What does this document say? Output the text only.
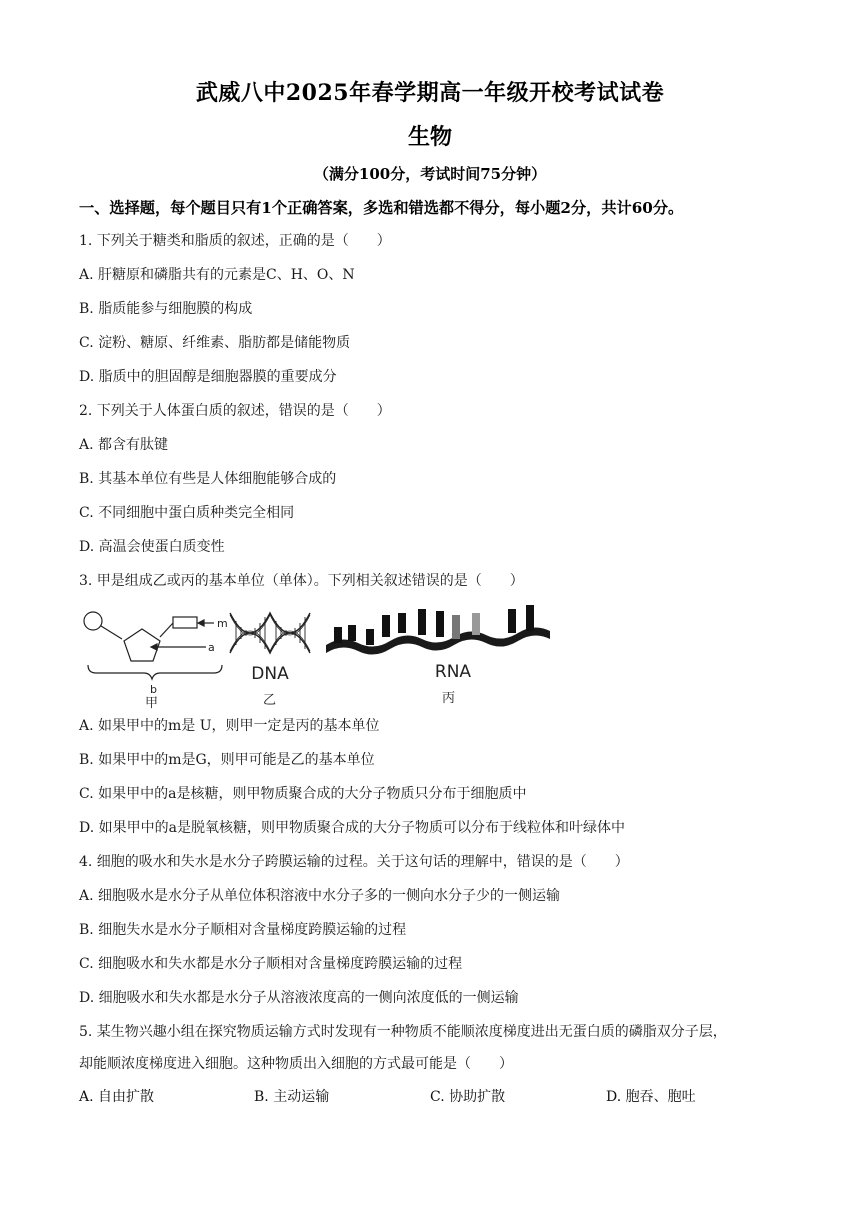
武威八中2025年春学期高一年级开校考试试卷
生物
（满分100分，考试时间75分钟）
一、选择题，每个题目只有1个正确答案，多选和错选都不得分，每小题2分，共计60分。
1. 下列关于糖类和脂质的叙述，正确的是（　　）
A. 肝糖原和磷脂共有的元素是C、H、O、N
B. 脂质能参与细胞膜的构成
C. 淀粉、糖原、纤维素、脂肪都是储能物质
D. 脂质中的胆固醇是细胞器膜的重要成分
2. 下列关于人体蛋白质的叙述，错误的是（　　）
A. 都含有肽键
B. 其基本单位有些是人体细胞能够合成的
C. 不同细胞中蛋白质种类完全相同
D. 高温会使蛋白质变性
3. 甲是组成乙或丙的基本单位（单体）。下列相关叙述错误的是（　　）
m
a
b
甲
DNA
乙
RNA
丙
A. 如果甲中的m是 U，则甲一定是丙的基本单位
B. 如果甲中的m是G，则甲可能是乙的基本单位
C. 如果甲中的a是核糖，则甲物质聚合成的大分子物质只分布于细胞质中
D. 如果甲中的a是脱氧核糖，则甲物质聚合成的大分子物质可以分布于线粒体和叶绿体中
4. 细胞的吸水和失水是水分子跨膜运输的过程。关于这句话的理解中，错误的是（　　）
A. 细胞吸水是水分子从单位体积溶液中水分子多的一侧向水分子少的一侧运输
B. 细胞失水是水分子顺相对含量梯度跨膜运输的过程
C. 细胞吸水和失水都是水分子顺相对含量梯度跨膜运输的过程
D. 细胞吸水和失水都是水分子从溶液浓度高的一侧向浓度低的一侧运输
5. 某生物兴趣小组在探究物质运输方式时发现有一种物质不能顺浓度梯度进出无蛋白质的磷脂双分子层，
却能顺浓度梯度进入细胞。这种物质出入细胞的方式最可能是（　　）
A. 自由扩散	B. 主动运输	C. 协助扩散	D. 胞吞、胞吐
